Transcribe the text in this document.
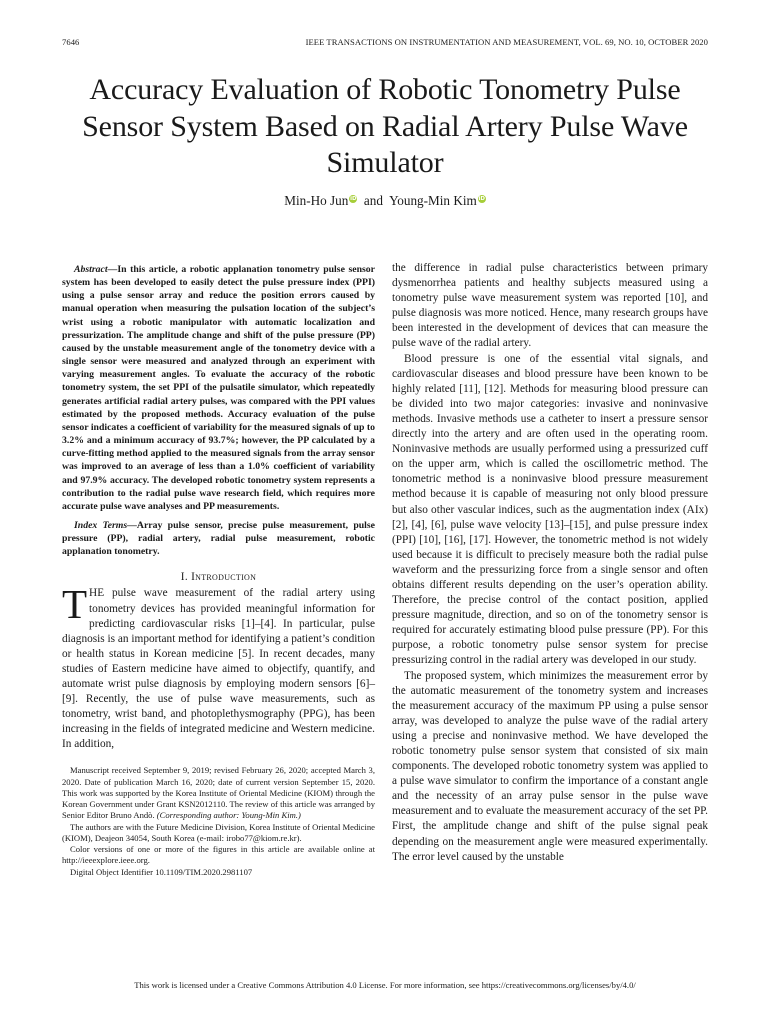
7646	IEEE TRANSACTIONS ON INSTRUMENTATION AND MEASUREMENT, VOL. 69, NO. 10, OCTOBER 2020
Accuracy Evaluation of Robotic Tonometry Pulse Sensor System Based on Radial Artery Pulse Wave Simulator
Min-Ho Jun iD and Young-Min Kim iD

Abstract—In this article, a robotic applanation tonometry pulse sensor system has been developed to easily detect the pulse pressure index (PPI) using a pulse sensor array and reduce the position errors caused by manual operation when measuring the pulsation location of the subject’s wrist using a robotic manipulator with automatic localization and pressurization. The amplitude change and shift of the pulse pressure (PP) caused by the unstable measurement angle of the tonometry device with a single sensor were measured and analyzed through an experiment with varying measurement angles. To evaluate the accuracy of the robotic tonometry system, the set PPI of the pulsatile simulator, which repeatedly generates artificial radial artery pulses, was compared with the PPI values estimated by the proposed methods. Accuracy evaluation of the pulse sensor indicates a coefficient of variability for the measured signals of up to 3.2% and a minimum accuracy of 93.7%; however, the PP calculated by a curve-fitting method applied to the measured signals from the array sensor was improved to an average of less than a 1.0% coefficient of variability and 97.9% accuracy. The developed robotic tonometry system represents a contribution to the radial pulse wave research field, which requires more accurate pulse wave analyses and PP measurements.

Index Terms—Array pulse sensor, precise pulse measurement, pulse pressure (PP), radial artery, radial pulse measurement, robotic applanation tonometry.

I. Introduction

THE pulse wave measurement of the radial artery using tonometry devices has provided meaningful information for predicting cardiovascular risks [1]–[4]. In particular, pulse diagnosis is an important method for identifying a patient’s condition or health status in Korean medicine [5]. In recent decades, many studies of Eastern medicine have aimed to objectify, quantify, and automate wrist pulse diagnosis by employing modern sensors [6]–[9]. Recently, the use of pulse wave measurements, such as tonometry, wrist band, and photoplethysmography (PPG), has been increasing in the fields of integrated medicine and Western medicine. In addition,

Manuscript received September 9, 2019; revised February 26, 2020; accepted March 3, 2020. Date of publication March 16, 2020; date of current version September 15, 2020. This work was supported by the Korea Institute of Oriental Medicine (KIOM) through the Korean Government under Grant KSN2012110. The review of this article was arranged by Senior Editor Bruno Andò. (Corresponding author: Young-Min Kim.)

The authors are with the Future Medicine Division, Korea Institute of Oriental Medicine (KIOM), Deajeon 34054, South Korea (e-mail: irobo77@kiom.re.kr).

Color versions of one or more of the figures in this article are available online at http://ieeexplore.ieee.org.

Digital Object Identifier 10.1109/TIM.2020.2981107

the difference in radial pulse characteristics between primary dysmenorrhea patients and healthy subjects measured using a tonometry pulse wave measurement system was reported [10], and pulse diagnosis was more noticed. Hence, many research groups have been interested in the development of devices that can measure the pulse wave of the radial artery.

Blood pressure is one of the essential vital signals, and cardiovascular diseases and blood pressure have been known to be highly related [11], [12]. Methods for measuring blood pressure can be divided into two major categories: invasive and noninvasive methods. Invasive methods use a catheter to insert a pressure sensor directly into the artery and are often used in the operating room. Noninvasive methods are usually performed using a pressurized cuff on the upper arm, which is called the oscillometric method. The tonometric method is a noninvasive blood pressure measurement method because it is capable of measuring not only blood pressure but also other vascular indices, such as the augmentation index (AIx) [2], [4], [6], pulse wave velocity [13]–[15], and pulse pressure index (PPI) [10], [16], [17]. However, the tonometric method is not widely used because it is difficult to precisely measure both the radial pulse waveform and the pressurizing force from a single sensor and often obtains different results depending on the user’s operation ability. Therefore, the precise control of the contact position, applied pressure magnitude, direction, and so on of the tonometry sensor is required for accurately estimating blood pulse pressure (PP). For this purpose, a robotic tonometry pulse sensor system for precise pressurizing control in the radial artery was developed in our study.

The proposed system, which minimizes the measurement error by the automatic measurement of the tonometry system and increases the measurement accuracy of the maximum PP using a pulse sensor array, was developed to analyze the pulse wave of the radial artery using a precise and noninvasive method. We have developed the robotic tonometry pulse sensor system that consisted of six main components. The developed robotic tonometry system was applied to a pulse wave simulator to confirm the importance of a constant angle and the necessity of an array pulse sensor in the pulse wave measurement and to evaluate the measurement accuracy of the set PP. First, the amplitude change and shift of the pulse signal peak depending on the measurement angle were measured experimentally. The error level caused by the unstable

This work is licensed under a Creative Commons Attribution 4.0 License. For more information, see https://creativecommons.org/licenses/by/4.0/
